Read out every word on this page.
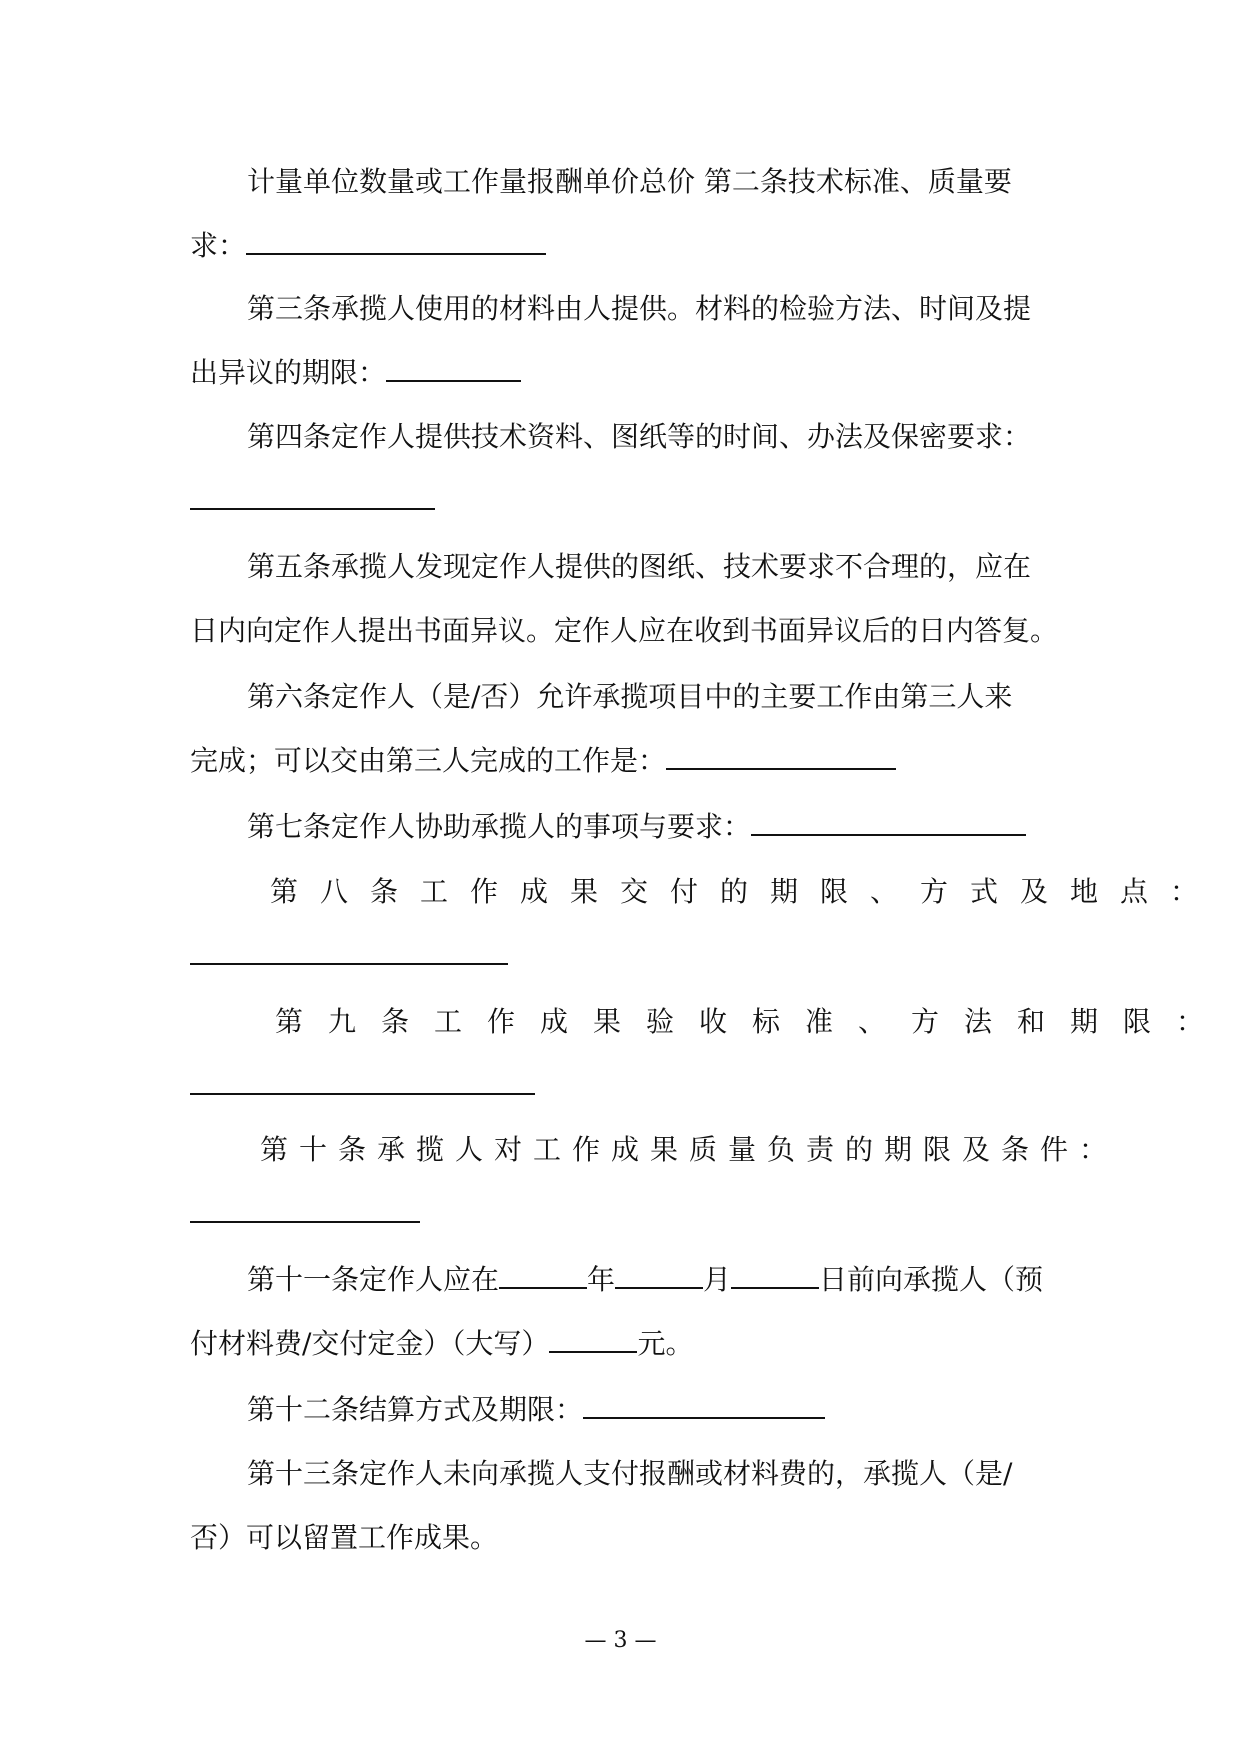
计量单位数量或工作量报酬单价总价 第二条技术标准、质量要
求：
第三条承揽人使用的材料由人提供。材料的检验方法、时间及提
出异议的期限：
第四条定作人提供技术资料、图纸等的时间、办法及保密要求：
第五条承揽人发现定作人提供的图纸、技术要求不合理的，应在
日内向定作人提出书面异议。定作人应在收到书面异议后的日内答复。
第六条定作人（是/否）允许承揽项目中的主要工作由第三人来
完成；可以交由第三人完成的工作是：
第七条定作人协助承揽人的事项与要求：
第八条工作成果交付的期限、方式及地点：
第九条工作成果验收标准、方法和期限：
第十条承揽人对工作成果质量负责的期限及条件：
第十一条定作人应在	年	月	日前向承揽人（预
付材料费/交付定金）（大写）	元。
第十二条结算方式及期限：
第十三条定作人未向承揽人支付报酬或材料费的，承揽人（是/
否）可以留置工作成果。
— 3 —
